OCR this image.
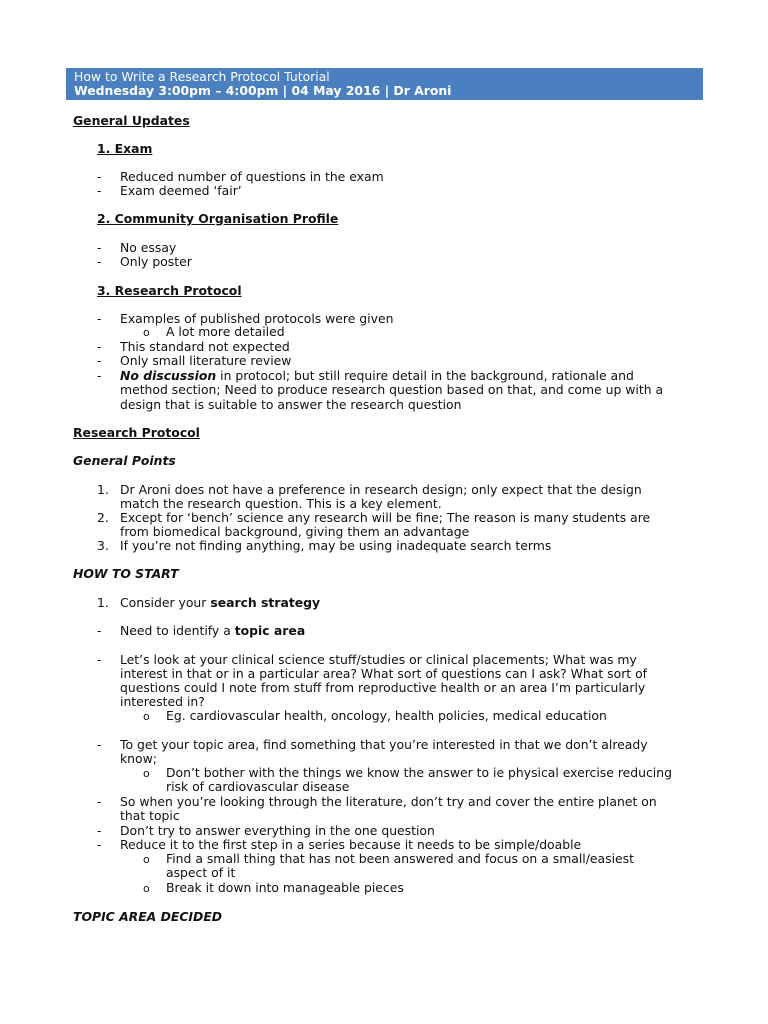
How to Write a Research Protocol Tutorial
Wednesday 3:00pm – 4:00pm | 04 May 2016 | Dr Aroni
General Updates
1. Exam
-	Reduced number of questions in the exam
-	Exam deemed ‘fair’
2. Community Organisation Profile
-	No essay
-	Only poster
3. Research Protocol
-	Examples of published protocols were given
o A lot more detailed
-	This standard not expected
-	Only small literature review
-	No discussion in protocol; but still require detail in the background, rationale and
method section; Need to produce research question based on that, and come up with a
design that is suitable to answer the research question
Research Protocol
General Points
1. Dr Aroni does not have a preference in research design; only expect that the design
match the research question. This is a key element.
2. Except for ‘bench’ science any research will be fine; The reason is many students are
from biomedical background, giving them an advantage
3. If you’re not finding anything, may be using inadequate search terms
HOW TO START
1. Consider your search strategy
-	Need to identify a topic area
-	Let’s look at your clinical science stuff/studies or clinical placements; What was my
interest in that or in a particular area? What sort of questions can I ask? What sort of
questions could I note from stuff from reproductive health or an area I’m particularly
interested in?
o Eg. cardiovascular health, oncology, health policies, medical education
-	To get your topic area, find something that you’re interested in that we don’t already
know;
o Don’t bother with the things we know the answer to ie physical exercise reducing
risk of cardiovascular disease
-	So when you’re looking through the literature, don’t try and cover the entire planet on
that topic
-	Don’t try to answer everything in the one question
-	Reduce it to the first step in a series because it needs to be simple/doable
o Find a small thing that has not been answered and focus on a small/easiest
aspect of it
o Break it down into manageable pieces
TOPIC AREA DECIDED
